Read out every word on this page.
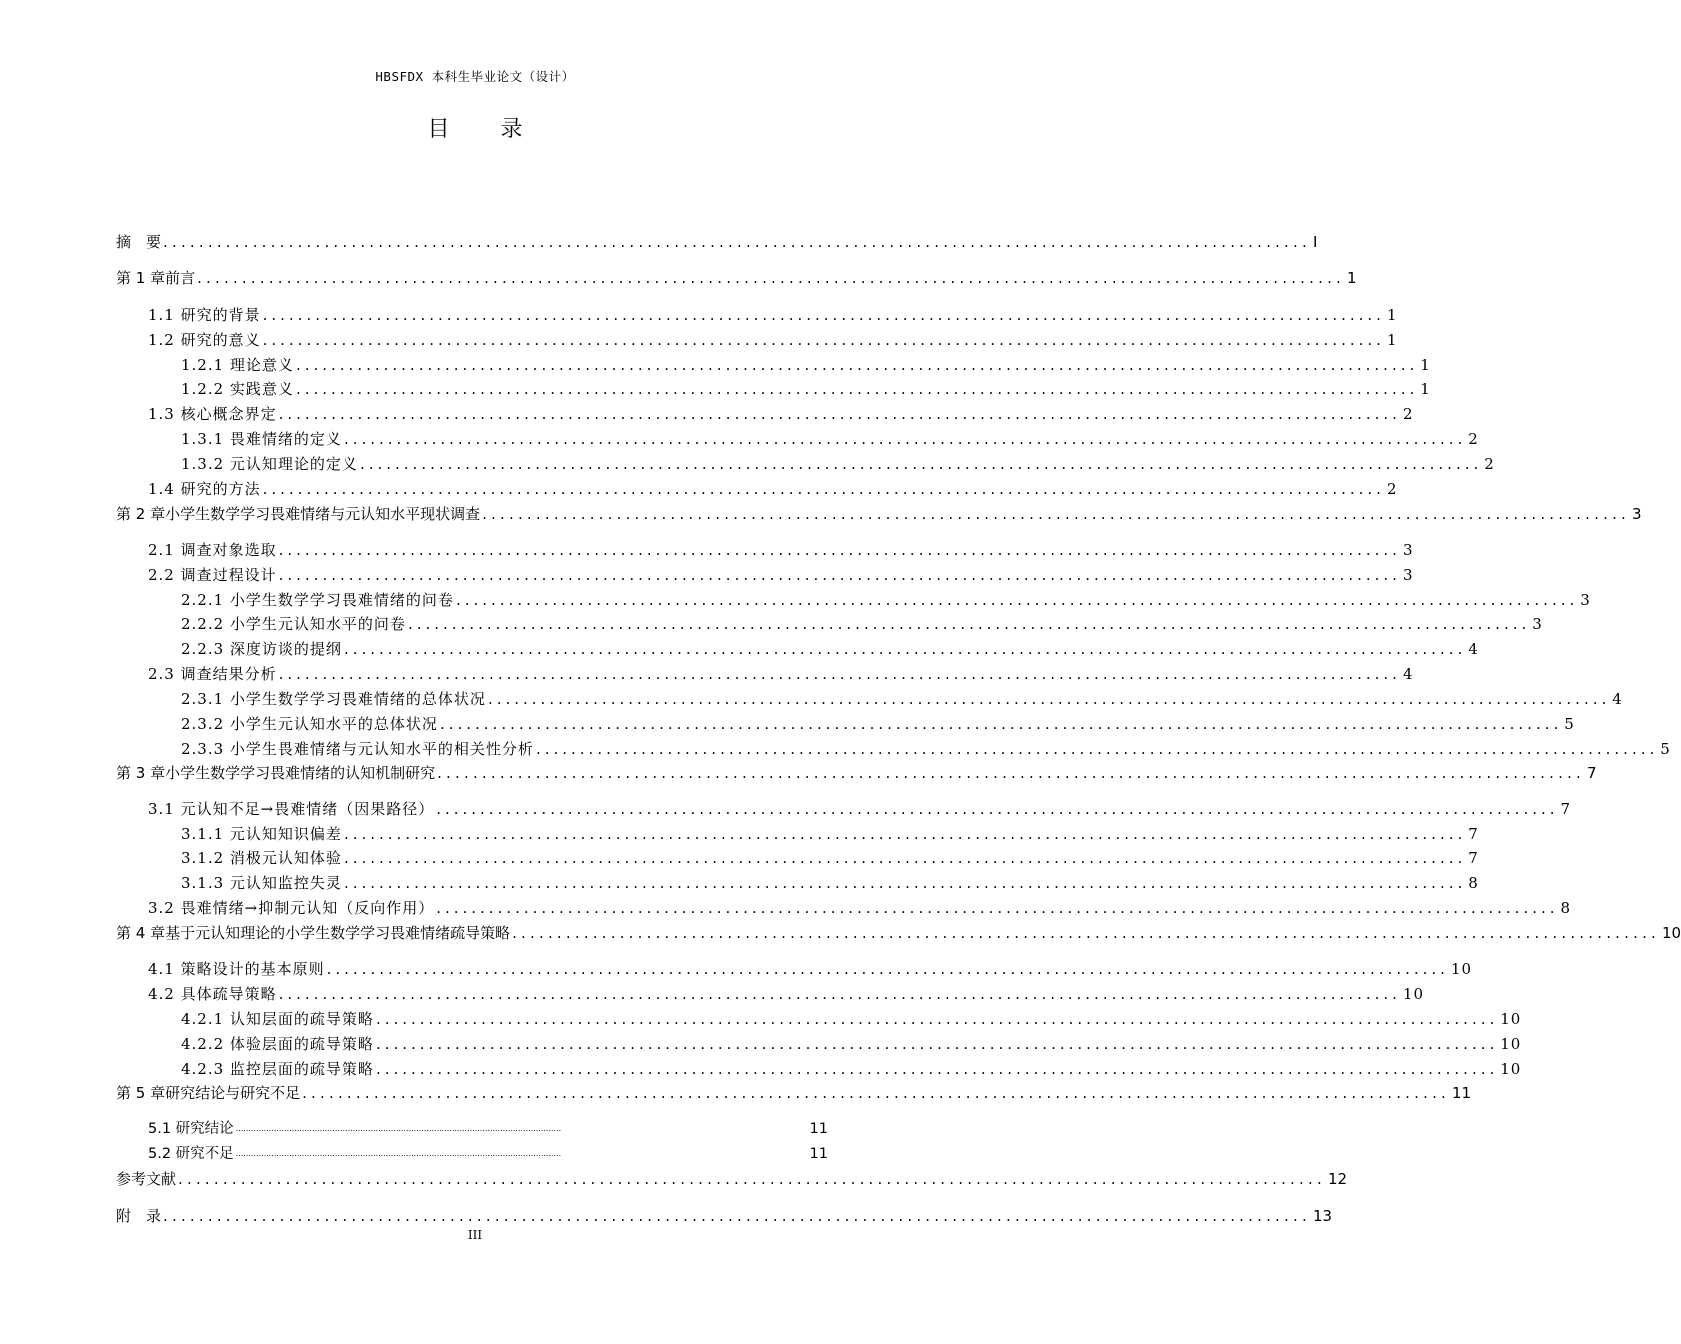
HBSFDX 本科生毕业论文（设计）
目 录
摘　要 ................................................................................................................................ I
第 1 章前言 ................................................................................................................................ 1
1.1 研究的背景 ................................................................................................................................ 1
1.2 研究的意义 ................................................................................................................................ 1
1.2.1 理论意义 ................................................................................................................................ 1
1.2.2 实践意义 ................................................................................................................................ 1
1.3 核心概念界定 ................................................................................................................................ 2
1.3.1 畏难情绪的定义 ................................................................................................................................ 2
1.3.2 元认知理论的定义 ................................................................................................................................ 2
1.4 研究的方法 ................................................................................................................................ 2
第 2 章小学生数学学习畏难情绪与元认知水平现状调查 ................................................................................................................................ 3
2.1 调查对象选取 ................................................................................................................................ 3
2.2 调查过程设计 ................................................................................................................................ 3
2.2.1 小学生数学学习畏难情绪的问卷 ................................................................................................................................ 3
2.2.2 小学生元认知水平的问卷 ................................................................................................................................ 3
2.2.3 深度访谈的提纲 ................................................................................................................................ 4
2.3 调查结果分析 ................................................................................................................................ 4
2.3.1 小学生数学学习畏难情绪的总体状况 ................................................................................................................................ 4
2.3.2 小学生元认知水平的总体状况 ................................................................................................................................ 5
2.3.3 小学生畏难情绪与元认知水平的相关性分析 ................................................................................................................................ 5
第 3 章小学生数学学习畏难情绪的认知机制研究 ................................................................................................................................ 7
3.1 元认知不足→畏难情绪（因果路径） ................................................................................................................................ 7
3.1.1 元认知知识偏差 ................................................................................................................................ 7
3.1.2 消极元认知体验 ................................................................................................................................ 7
3.1.3 元认知监控失灵 ................................................................................................................................ 8
3.2 畏难情绪→抑制元认知（反向作用） ................................................................................................................................ 8
第 4 章基于元认知理论的小学生数学学习畏难情绪疏导策略 ................................................................................................................................ 10
4.1 策略设计的基本原则 ................................................................................................................................ 10
4.2 具体疏导策略 ................................................................................................................................ 10
4.2.1 认知层面的疏导策略 ................................................................................................................................ 10
4.2.2 体验层面的疏导策略 ................................................................................................................................ 10
4.2.3 监控层面的疏导策略 ................................................................................................................................ 10
第 5 章研究结论与研究不足 ................................................................................................................................ 11
5.1 研究结论 ................................................................................................................................	11
5.2 研究不足 ................................................................................................................................	11
参考文献 ................................................................................................................................ 12
附　录 ................................................................................................................................ 13
III
